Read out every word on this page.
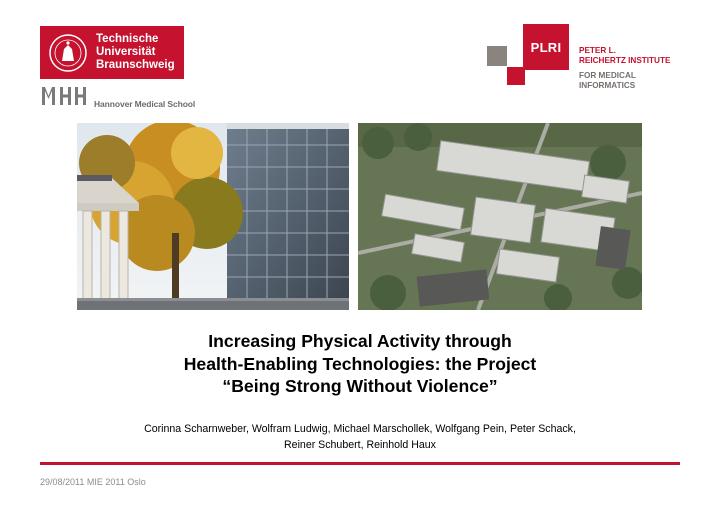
Technische
Universität
Braunschweig
Hannover Medical School
PLRI	PETER L.
REICHERTZ INSTITUTE
FOR MEDICAL
INFORMATICS
Increasing Physical Activity through
Health-Enabling Technologies: the Project
“Being Strong Without Violence”
Corinna Scharnweber, Wolfram Ludwig, Michael Marschollek, Wolfgang Pein, Peter Schack,
Reiner Schubert, Reinhold Haux
29/08/2011 MIE 2011 Oslo
